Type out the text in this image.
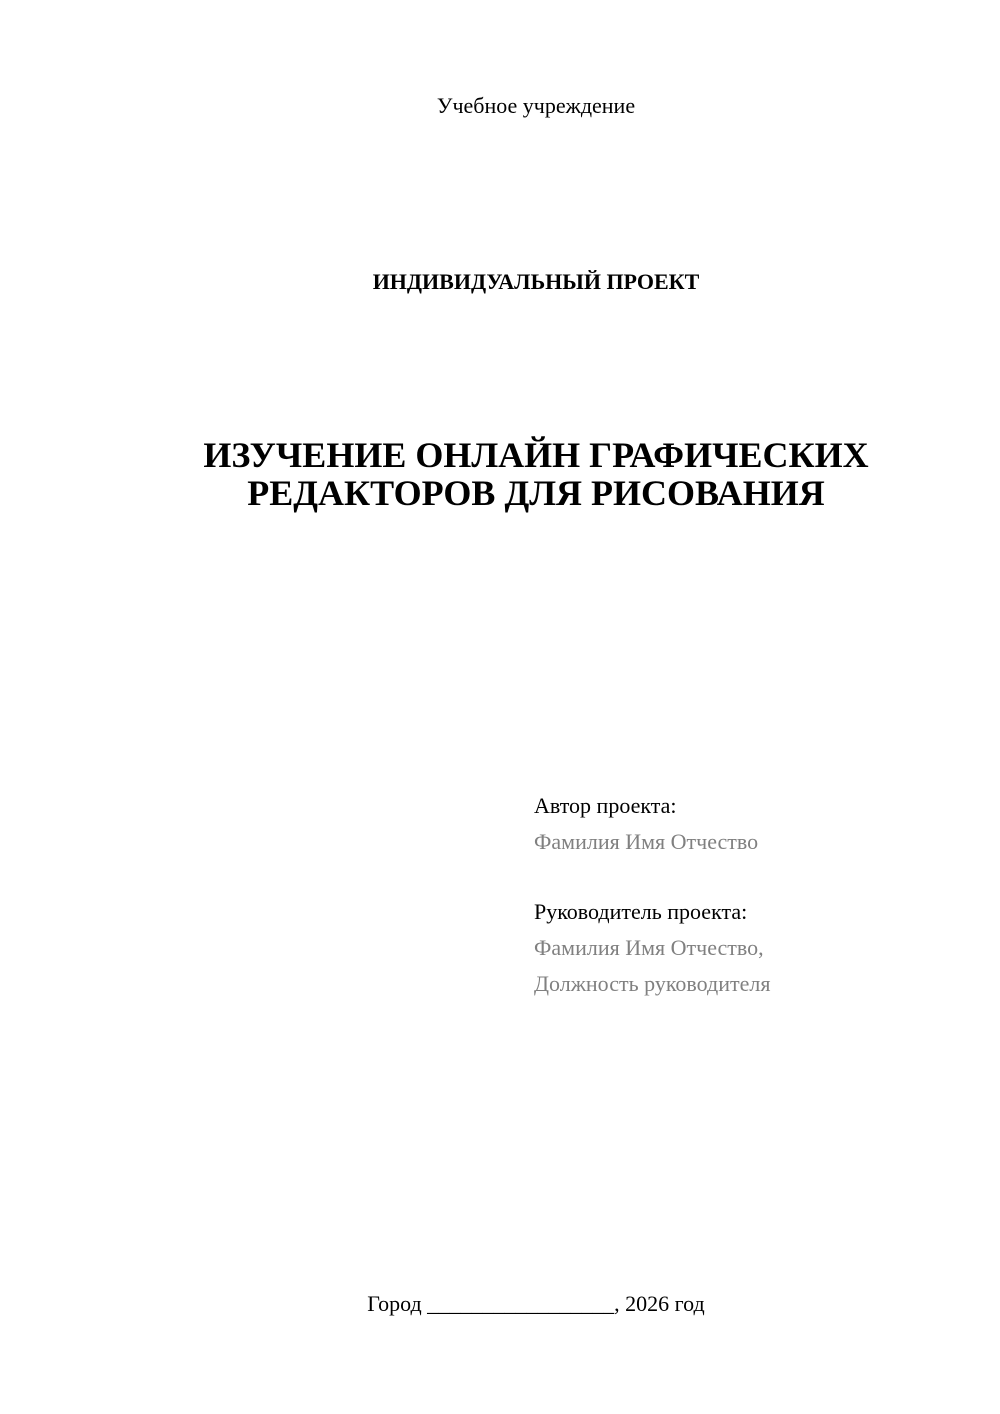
Учебное учреждение
ИНДИВИДУАЛЬНЫЙ ПРОЕКТ
ИЗУЧЕНИЕ ОНЛАЙН ГРАФИЧЕСКИХ
РЕДАКТОРОВ ДЛЯ РИСОВАНИЯ
Автор проекта:
Фамилия Имя Отчество
Руководитель проекта:
Фамилия Имя Отчество,
Должность руководителя
Город _________________, 2026 год
